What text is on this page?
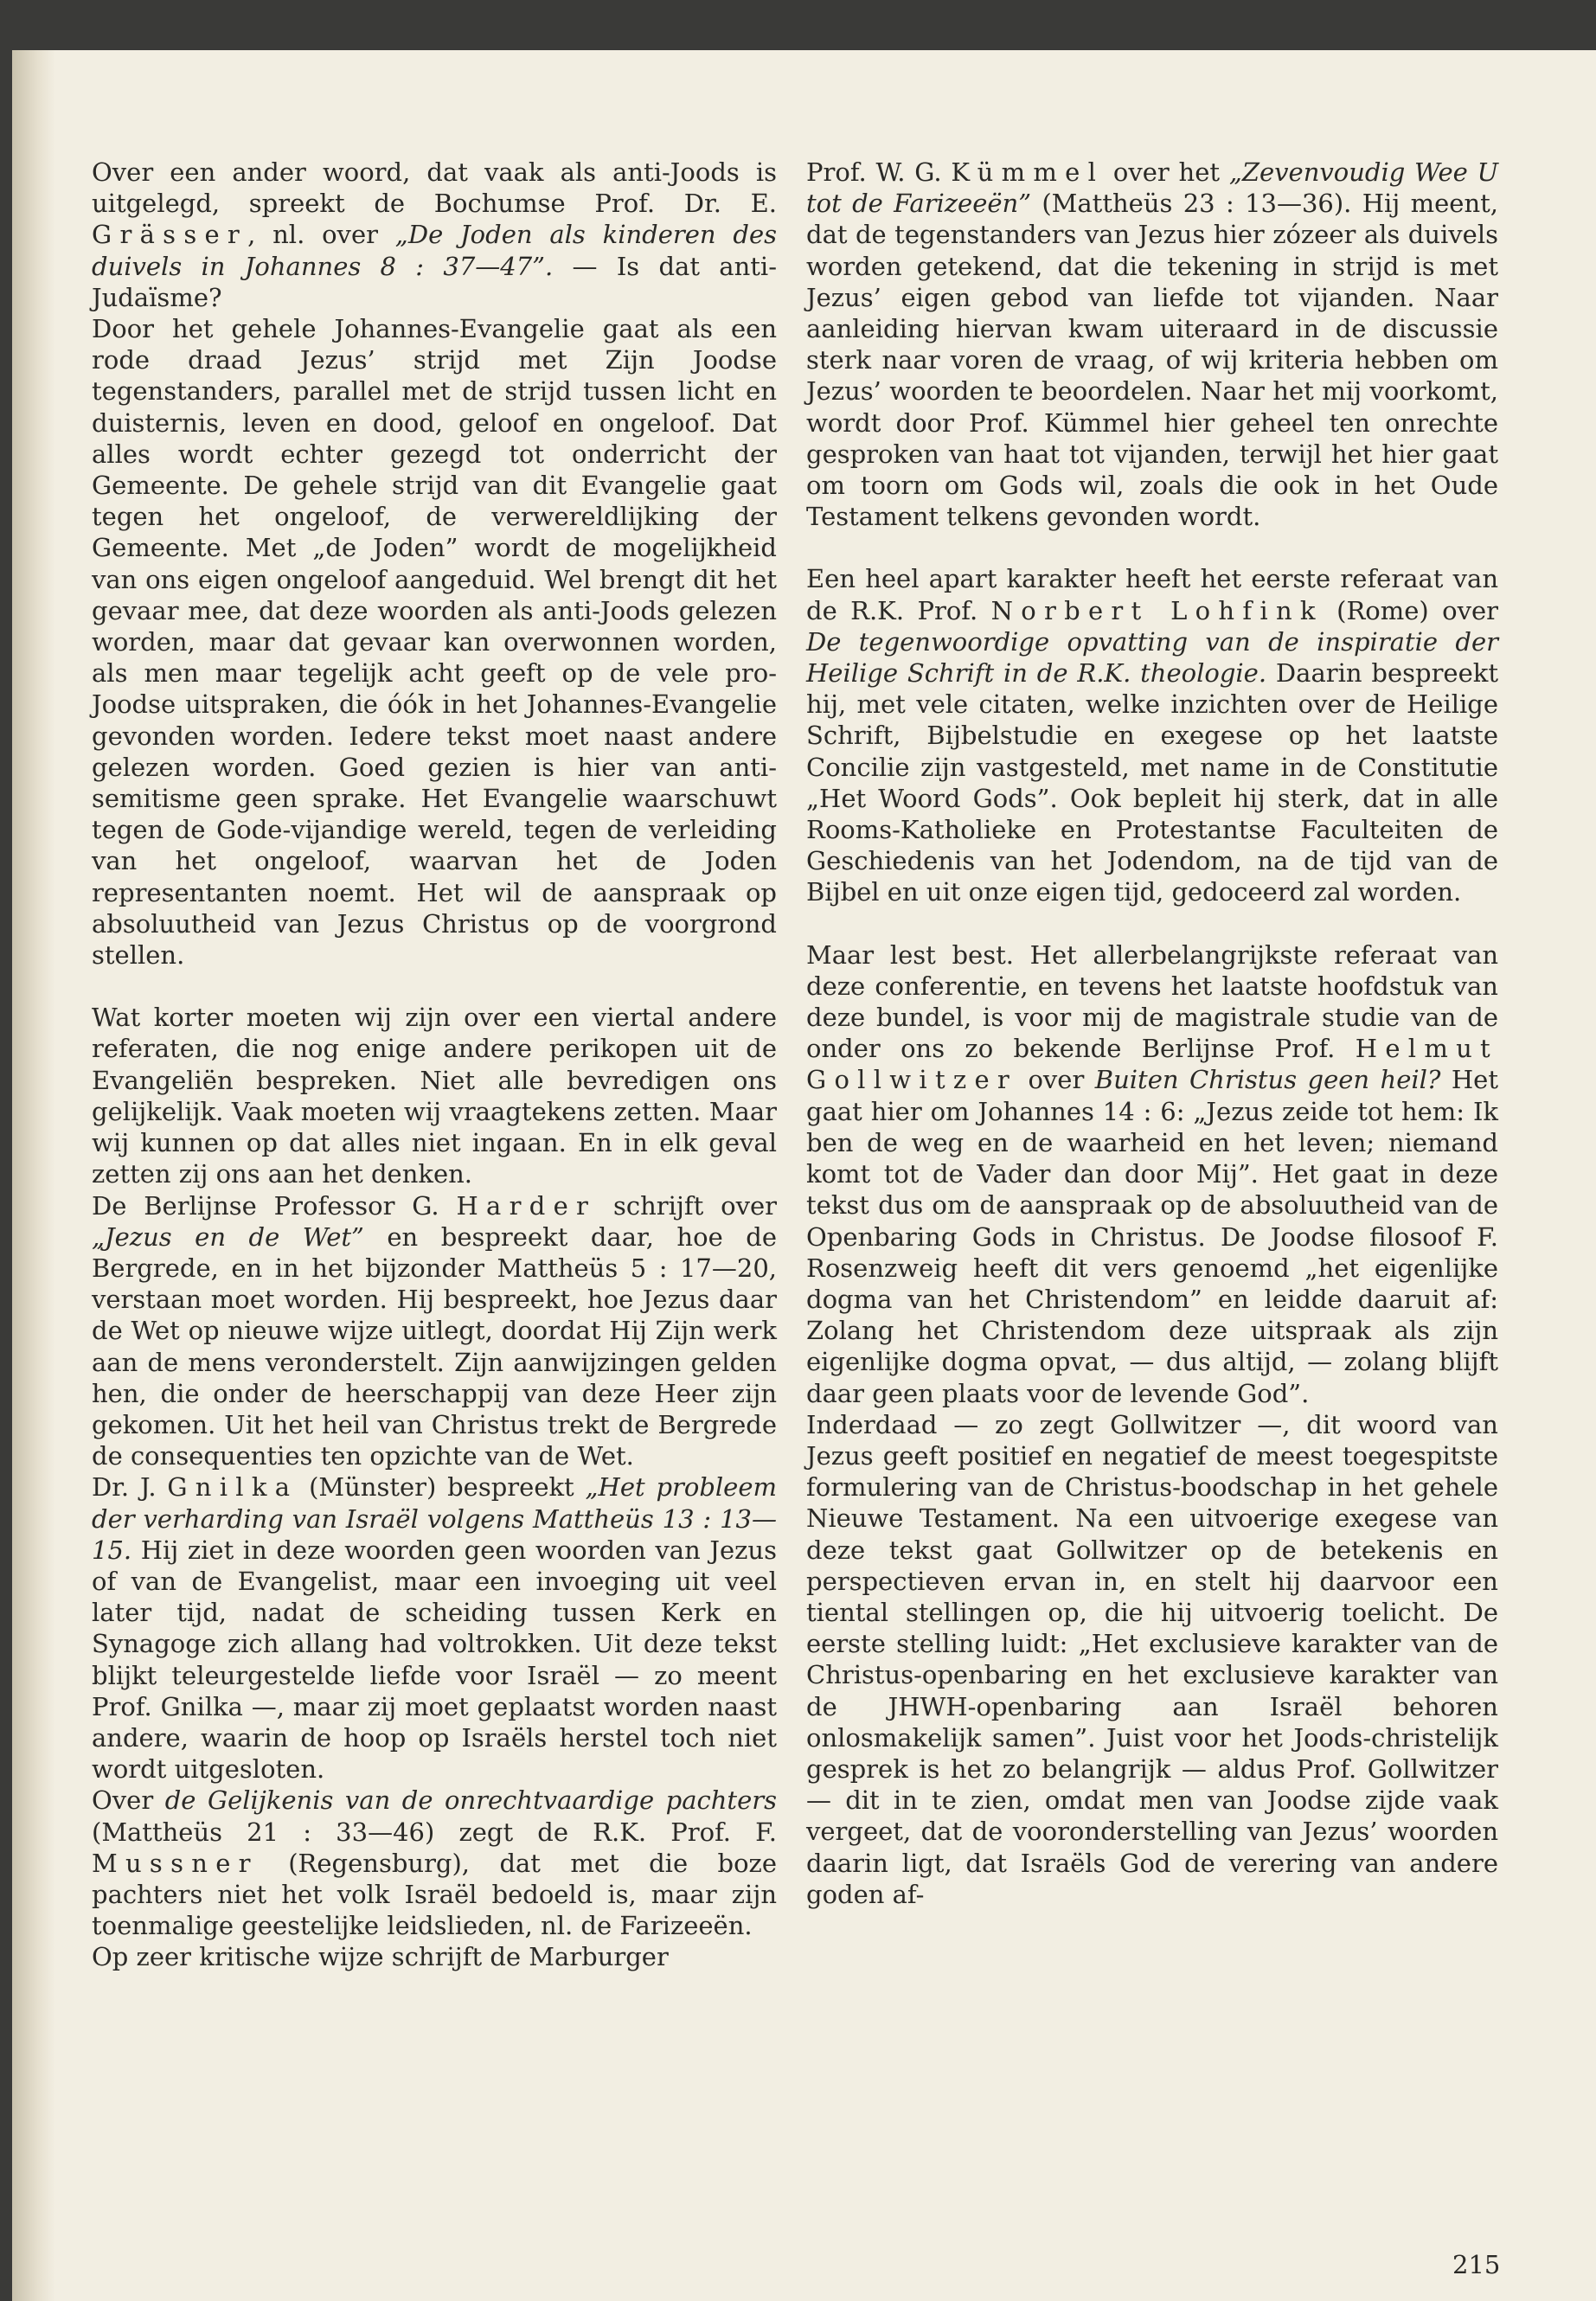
Over een ander woord, dat vaak als anti-Joods is uitgelegd, spreekt de Bochumse Prof. Dr. E. Grässer, nl. over „De Joden als kinderen des duivels in Johannes 8 : 37—47”. — Is dat anti-Judaïsme?

Door het gehele Johannes-Evangelie gaat als een rode draad Jezus’ strijd met Zijn Joodse tegenstanders, parallel met de strijd tussen licht en duisternis, leven en dood, geloof en ongeloof. Dat alles wordt echter gezegd tot onderricht der Gemeente. De gehele strijd van dit Evangelie gaat tegen het ongeloof, de verwereldlijking der Gemeente. Met „de Joden” wordt de mogelijkheid van ons eigen ongeloof aangeduid. Wel brengt dit het gevaar mee, dat deze woorden als anti-Joods gelezen worden, maar dat gevaar kan overwonnen worden, als men maar tegelijk acht geeft op de vele pro-Joodse uitspraken, die óók in het Johannes-Evangelie gevonden worden. Iedere tekst moet naast andere gelezen worden. Goed gezien is hier van anti-semitisme geen sprake. Het Evangelie waarschuwt tegen de Gode-vijandige wereld, tegen de verleiding van het ongeloof, waarvan het de Joden representanten noemt. Het wil de aanspraak op absoluutheid van Jezus Christus op de voorgrond stellen.

Wat korter moeten wij zijn over een viertal andere referaten, die nog enige andere perikopen uit de Evangeliën bespreken. Niet alle bevredigen ons gelijkelijk. Vaak moeten wij vraagtekens zetten. Maar wij kunnen op dat alles niet ingaan. En in elk geval zetten zij ons aan het denken.

De Berlijnse Professor G. Harder schrijft over „Jezus en de Wet” en bespreekt daar, hoe de Bergrede, en in het bijzonder Mattheüs 5 : 17—20, verstaan moet worden. Hij bespreekt, hoe Jezus daar de Wet op nieuwe wijze uitlegt, doordat Hij Zijn werk aan de mens veronderstelt. Zijn aanwijzingen gelden hen, die onder de heerschappij van deze Heer zijn gekomen. Uit het heil van Christus trekt de Bergrede de consequenties ten opzichte van de Wet.

Dr. J. Gnilka (Münster) bespreekt „Het probleem der verharding van Israël volgens Mattheüs 13 : 13—15. Hij ziet in deze woorden geen woorden van Jezus of van de Evangelist, maar een invoeging uit veel later tijd, nadat de scheiding tussen Kerk en Synagoge zich allang had voltrokken. Uit deze tekst blijkt teleurgestelde liefde voor Israël — zo meent Prof. Gnilka —, maar zij moet geplaatst worden naast andere, waarin de hoop op Israëls herstel toch niet wordt uitgesloten.

Over de Gelijkenis van de onrechtvaardige pachters (Mattheüs 21 : 33—46) zegt de R.K. Prof. F. Mussner (Regensburg), dat met die boze pachters niet het volk Israël bedoeld is, maar zijn toenmalige geestelijke leidslieden, nl. de Farizeeën.

Op zeer kritische wijze schrijft de Marburger

Prof. W. G. Kümmel over het „Zevenvoudig Wee U tot de Farizeeën” (Mattheüs 23 : 13—36). Hij meent, dat de tegenstanders van Jezus hier zózeer als duivels worden getekend, dat die tekening in strijd is met Jezus’ eigen gebod van liefde tot vijanden. Naar aanleiding hiervan kwam uiteraard in de discussie sterk naar voren de vraag, of wij kriteria hebben om Jezus’ woorden te beoordelen. Naar het mij voorkomt, wordt door Prof. Kümmel hier geheel ten onrechte gesproken van haat tot vijanden, terwijl het hier gaat om toorn om Gods wil, zoals die ook in het Oude Testament telkens gevonden wordt.

Een heel apart karakter heeft het eerste referaat van de R.K. Prof. Norbert Lohfink (Rome) over De tegenwoordige opvatting van de inspiratie der Heilige Schrift in de R.K. theologie. Daarin bespreekt hij, met vele citaten, welke inzichten over de Heilige Schrift, Bijbelstudie en exegese op het laatste Concilie zijn vastgesteld, met name in de Constitutie „Het Woord Gods”. Ook bepleit hij sterk, dat in alle Rooms-Katholieke en Protestantse Faculteiten de Geschiedenis van het Jodendom, na de tijd van de Bijbel en uit onze eigen tijd, gedoceerd zal worden.

Maar lest best. Het allerbelangrijkste referaat van deze conferentie, en tevens het laatste hoofdstuk van deze bundel, is voor mij de magistrale studie van de onder ons zo bekende Berlijnse Prof. Helmut Gollwitzer over Buiten Christus geen heil? Het gaat hier om Johannes 14 : 6: „Jezus zeide tot hem: Ik ben de weg en de waarheid en het leven; niemand komt tot de Vader dan door Mij”. Het gaat in deze tekst dus om de aanspraak op de absoluutheid van de Openbaring Gods in Christus. De Joodse filosoof F. Rosenzweig heeft dit vers genoemd „het eigenlijke dogma van het Christendom” en leidde daaruit af: Zolang het Christendom deze uitspraak als zijn eigenlijke dogma opvat, — dus altijd, — zolang blijft daar geen plaats voor de levende God”.

Inderdaad — zo zegt Gollwitzer —, dit woord van Jezus geeft positief en negatief de meest toegespitste formulering van de Christus-boodschap in het gehele Nieuwe Testament. Na een uitvoerige exegese van deze tekst gaat Gollwitzer op de betekenis en perspectieven ervan in, en stelt hij daarvoor een tiental stellingen op, die hij uitvoerig toelicht. De eerste stelling luidt: „Het exclusieve karakter van de Christus-openbaring en het exclusieve karakter van de JHWH-openbaring aan Israël behoren onlosmakelijk samen”. Juist voor het Joods-christelijk gesprek is het zo belangrijk — aldus Prof. Gollwitzer — dit in te zien, omdat men van Joodse zijde vaak vergeet, dat de vooronderstelling van Jezus’ woorden daarin ligt, dat Israëls God de verering van andere goden af-

215
